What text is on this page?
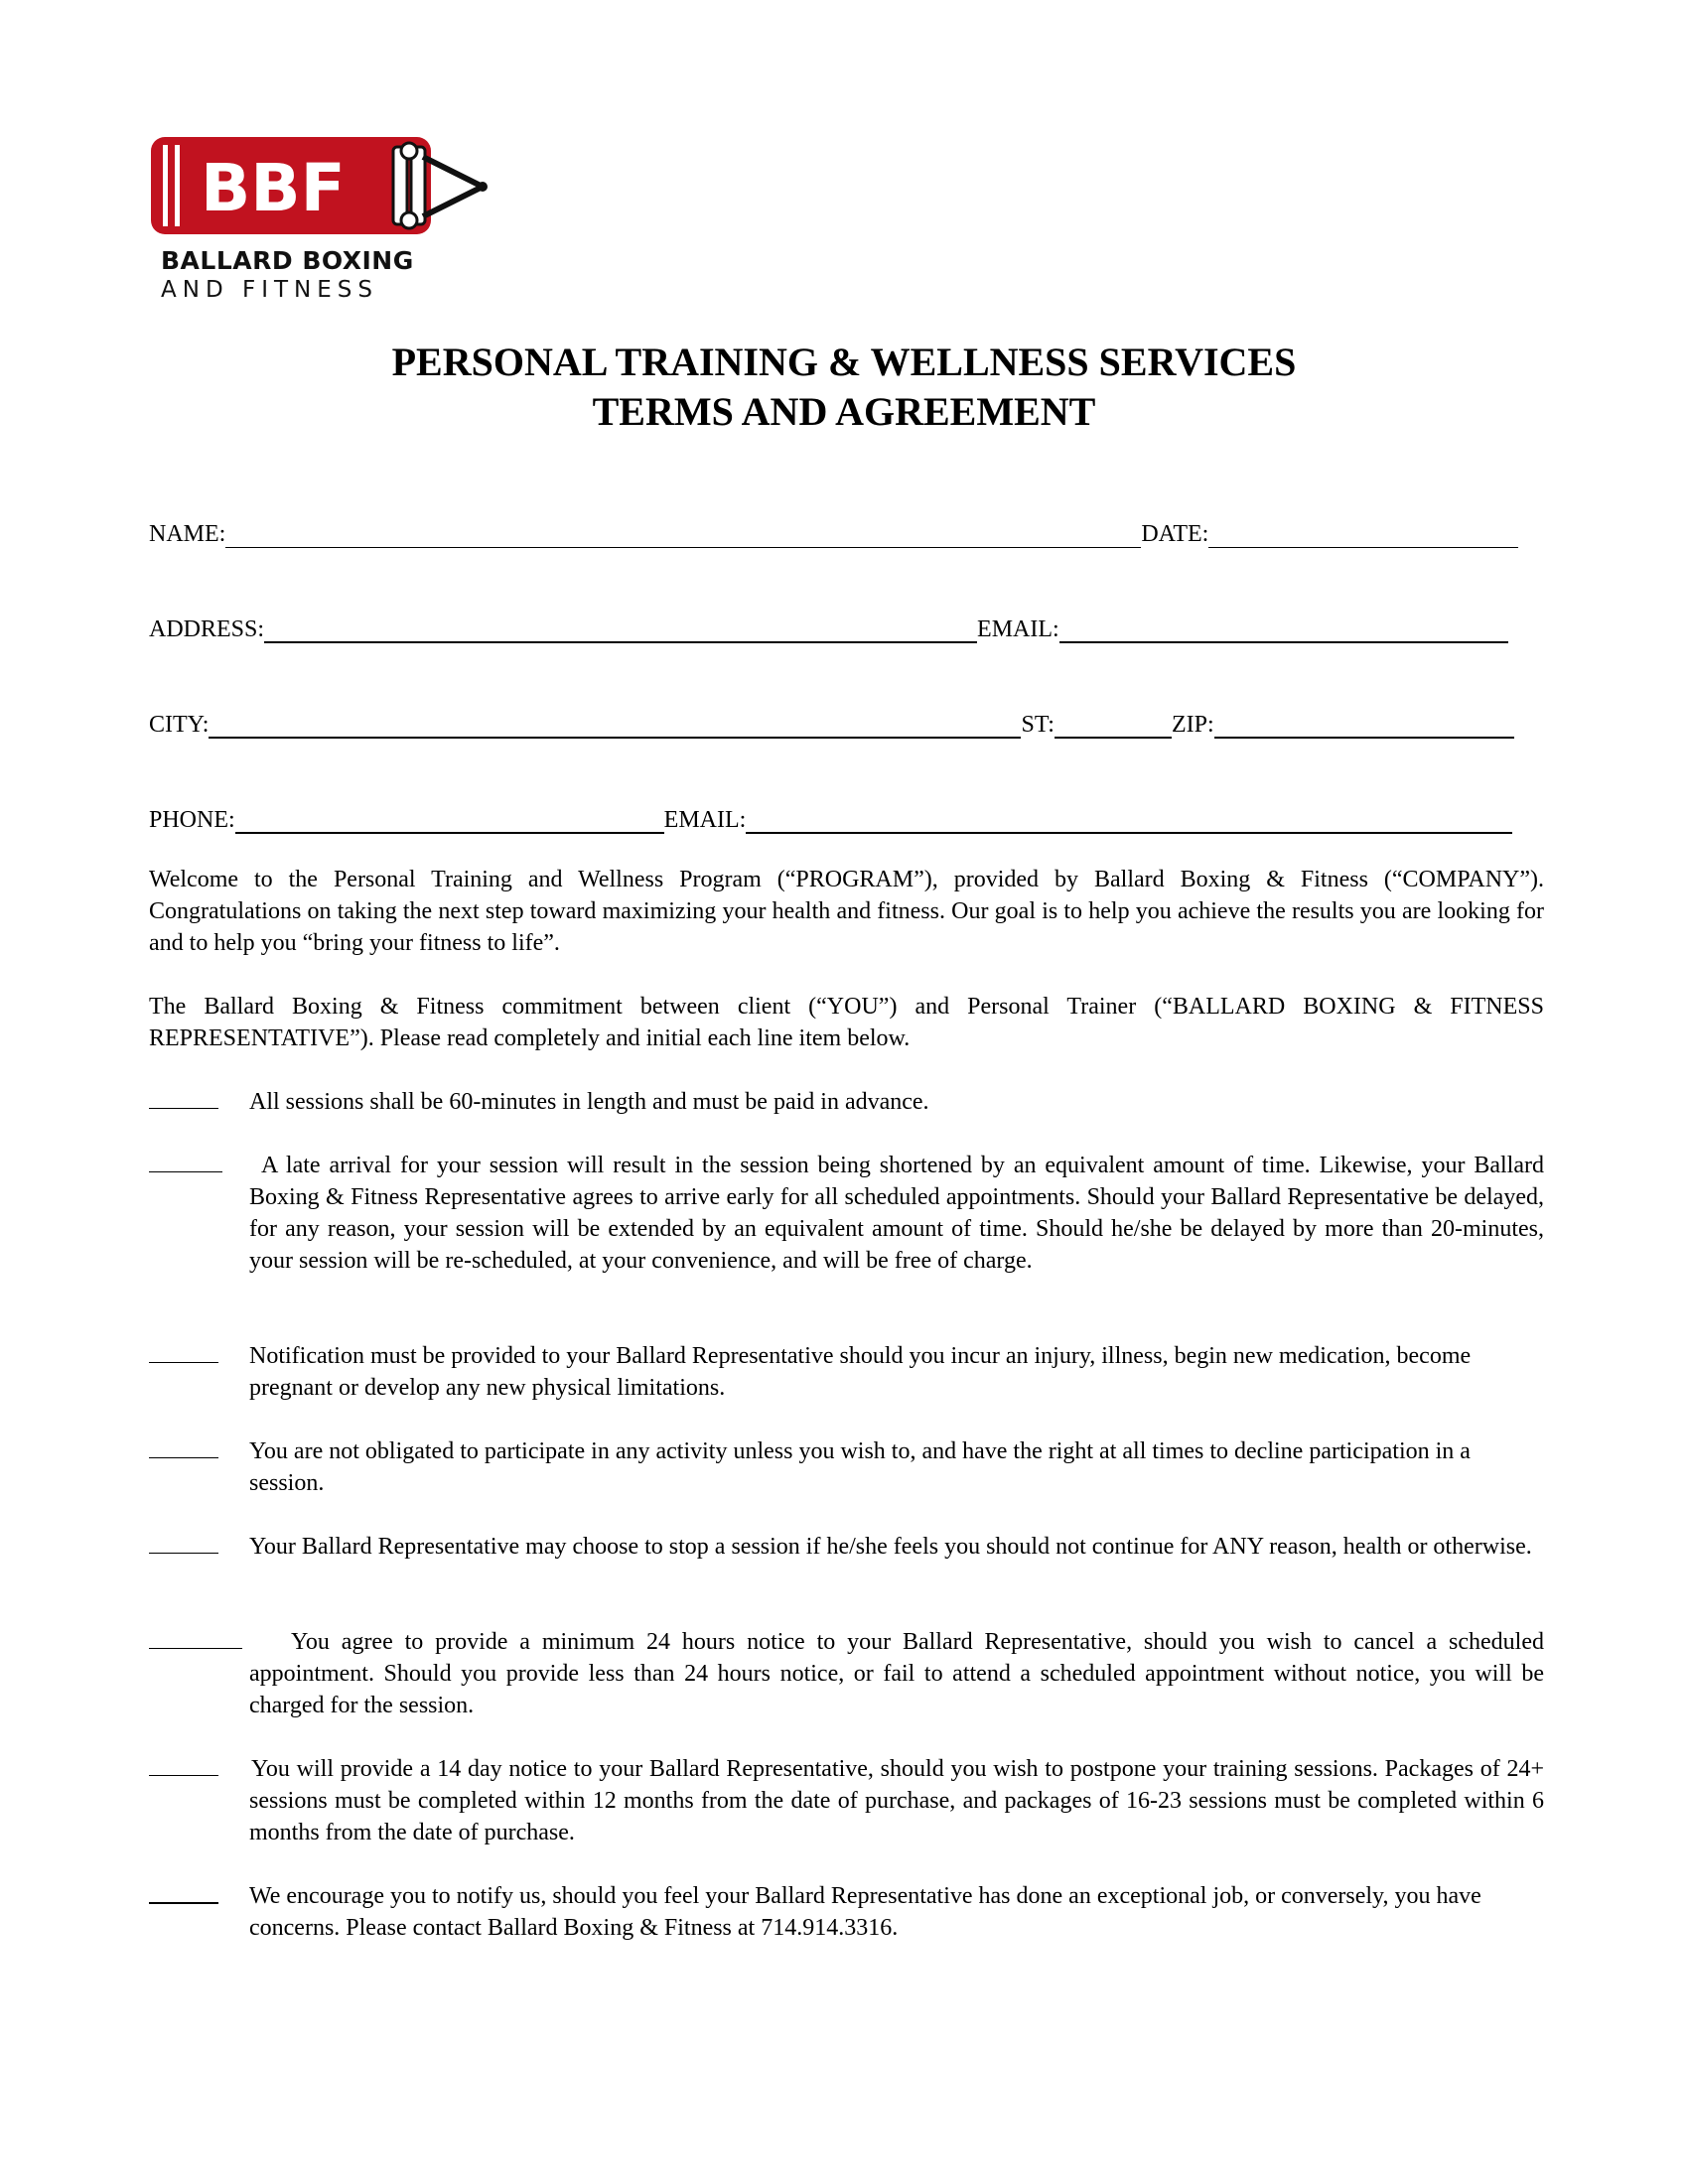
BBF
BALLARD BOXING
AND FITNESS
PERSONAL TRAINING & WELLNESS SERVICES
TERMS AND AGREEMENT
NAME:	DATE:
ADDRESS:	EMAIL:
CITY:	ST:	ZIP:
PHONE:	EMAIL:
Welcome to the Personal Training and Wellness Program (“PROGRAM”), provided by Ballard Boxing & Fitness (“COMPANY”). Congratulations on taking the next step toward maximizing your health and fitness. Our goal is to help you achieve the results you are looking for and to help you “bring your fitness to life”.
The Ballard Boxing & Fitness commitment between client (“YOU”) and Personal Trainer (“BALLARD BOXING & FITNESS REPRESENTATIVE”). Please read completely and initial each line item below.
All sessions shall be 60-minutes in length and must be paid in advance.
A late arrival for your session will result in the session being shortened by an equivalent amount of time. Likewise, your Ballard Boxing & Fitness Representative agrees to arrive early for all scheduled appointments. Should your Ballard Representative be delayed, for any reason, your session will be extended by an equivalent amount of time. Should he/she be delayed by more than 20-minutes, your session will be re-scheduled, at your convenience, and will be free of charge.
Notification must be provided to your Ballard Representative should you incur an injury, illness, begin new medication, become pregnant or develop any new physical limitations.
You are not obligated to participate in any activity unless you wish to, and have the right at all times to decline participation in a session.
Your Ballard Representative may choose to stop a session if he/she feels you should not continue for ANY reason, health or otherwise.
You agree to provide a minimum 24 hours notice to your Ballard Representative, should you wish to cancel a scheduled appointment. Should you provide less than 24 hours notice, or fail to attend a scheduled appointment without notice, you will be charged for the session.
You will provide a 14 day notice to your Ballard Representative, should you wish to postpone your training sessions. Packages of 24+ sessions must be completed within 12 months from the date of purchase, and packages of 16-23 sessions must be completed within 6 months from the date of purchase.
We encourage you to notify us, should you feel your Ballard Representative has done an exceptional job, or conversely, you have concerns. Please contact Ballard Boxing & Fitness at 714.914.3316.
